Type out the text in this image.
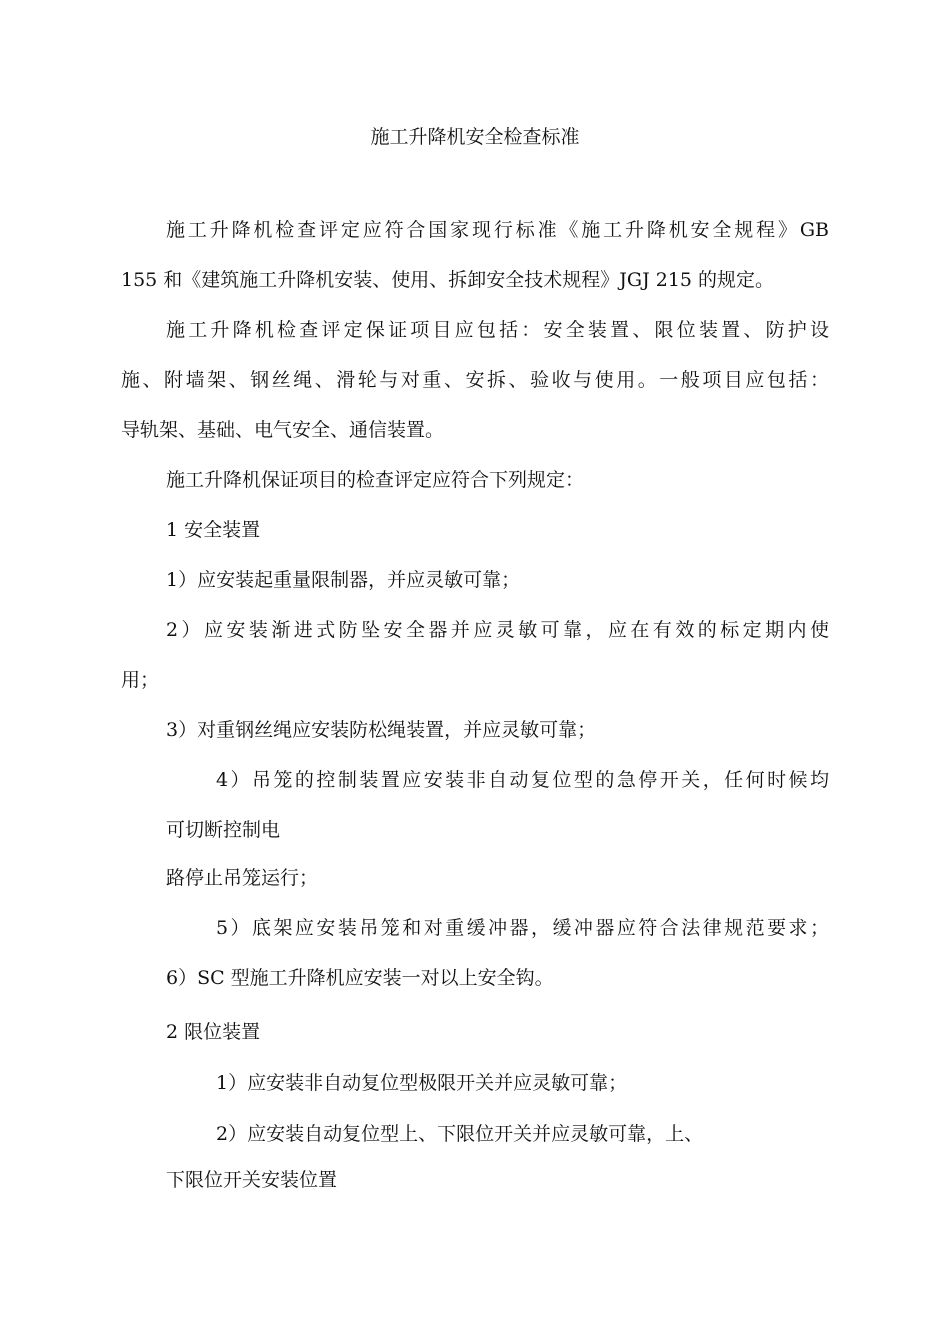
施工升降机安全检查标准
施工升降机检查评定应符合国家现行标准《施工升降机安全规程》GB
155 和《建筑施工升降机安装、使用、拆卸安全技术规程》JGJ 215 的规定。
施工升降机检查评定保证项目应包括：安全装置、限位装置、防护设
施、附墙架、钢丝绳、滑轮与对重、安拆、验收与使用。一般项目应包括：
导轨架、基础、电气安全、通信装置。
施工升降机保证项目的检查评定应符合下列规定：
1 安全装置
1）应安装起重量限制器，并应灵敏可靠；
2）应安装渐进式防坠安全器并应灵敏可靠，应在有效的标定期内使
用；
3）对重钢丝绳应安装防松绳装置，并应灵敏可靠；
4）吊笼的控制装置应安装非自动复位型的急停开关，任何时候均
可切断控制电
路停止吊笼运行；
5）底架应安装吊笼和对重缓冲器，缓冲器应符合法律规范要求；
6）SC 型施工升降机应安装一对以上安全钩。
2 限位装置
1）应安装非自动复位型极限开关并应灵敏可靠；
2）应安装自动复位型上、下限位开关并应灵敏可靠，上、
下限位开关安装位置
